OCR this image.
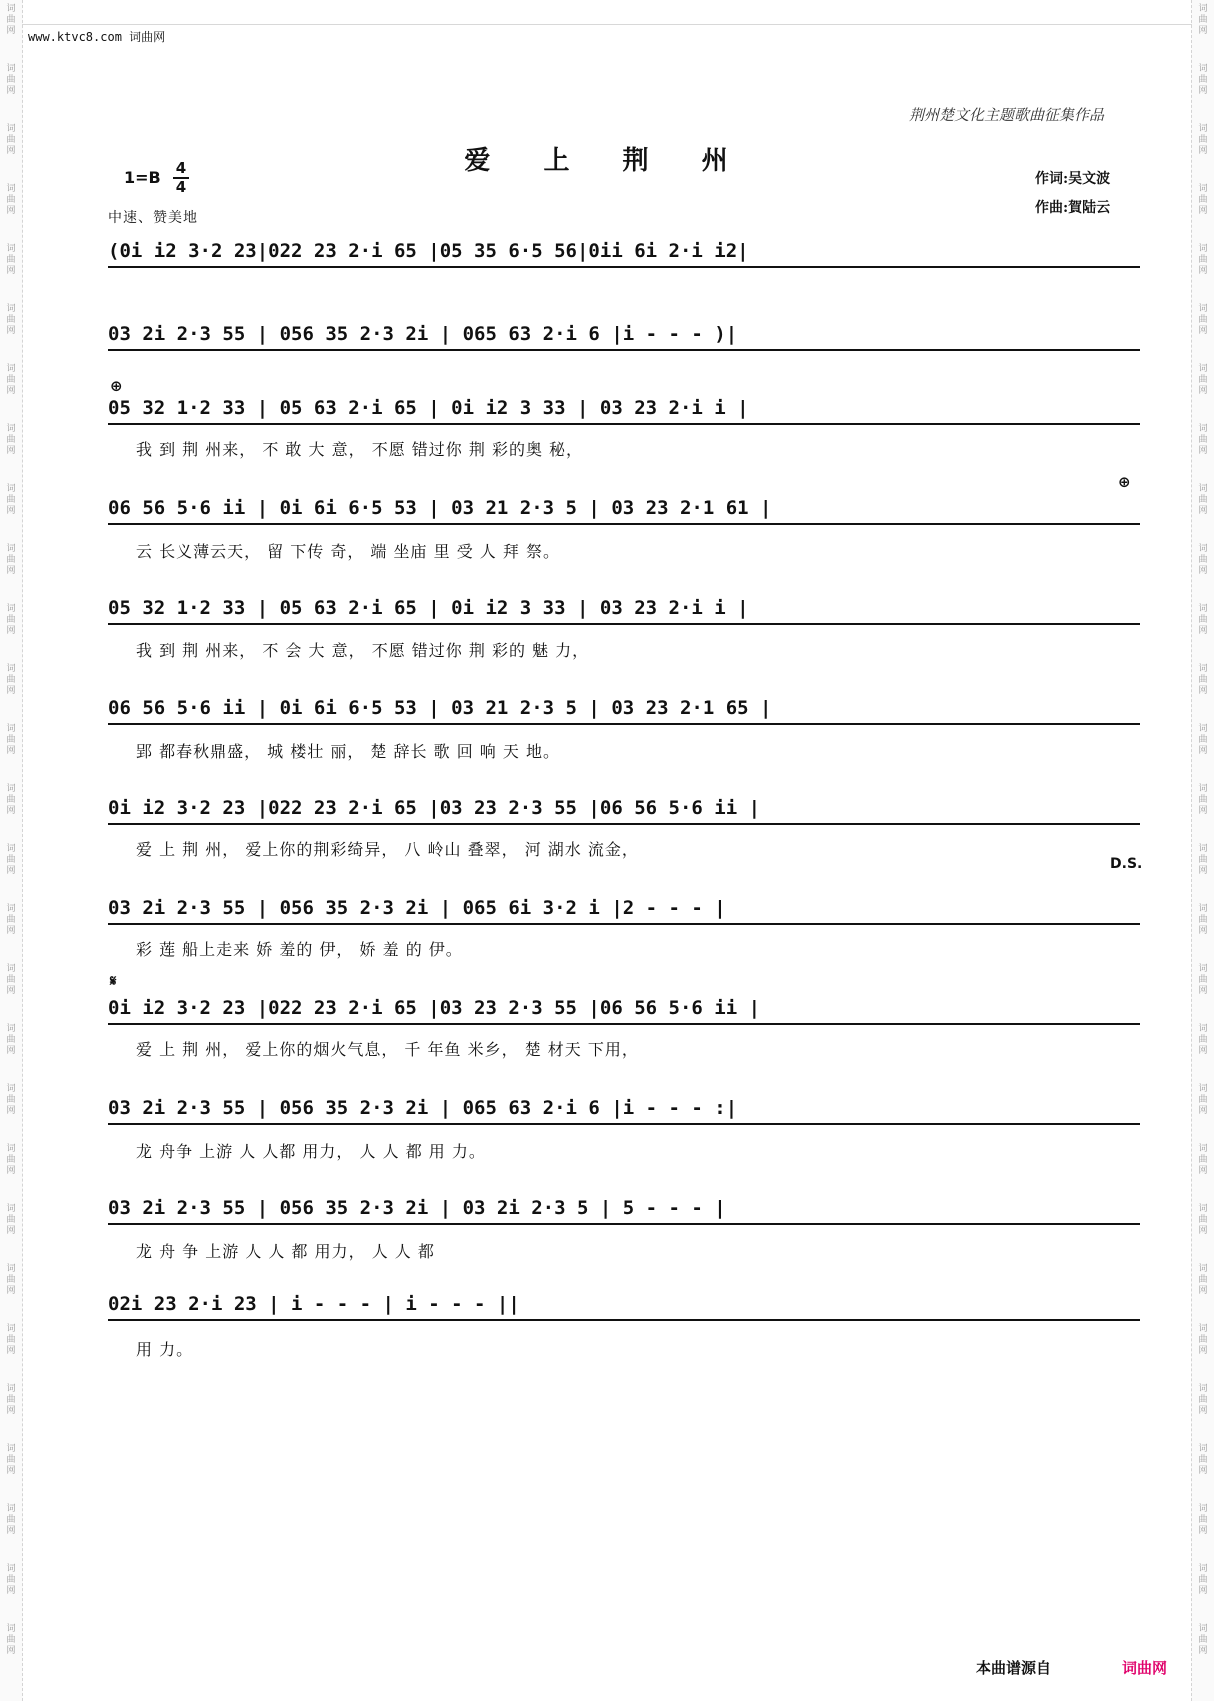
词
曲
网
词
曲
网
词
曲
网
词
曲
网
词
曲
网
词
曲
网
词
曲
网
词
曲
网
词
曲
网
词
曲
网
词
曲
网
词
曲
网
词
曲
网
词
曲
网
词
曲
网
词
曲
网
词
曲
网
词
曲
网
词
曲
网
词
曲
网
词
曲
网
词
曲
网
词
曲
网
词
曲
网
词
曲
网
词
曲
网
词
曲
网
词
曲
网
词
曲
网
词
曲
网
词
曲
网
词
曲
网
词
曲
网
词
曲
网
词
曲
网
词
曲
网
词
曲
网
词
曲
网
词
曲
网
词
曲
网
词
曲
网
词
曲
网
词
曲
网
词
曲
网
词
曲
网
词
曲
网
词
曲
网
词
曲
网
词
曲
网
词
曲
网
词
曲
网
词
曲
网
词
曲
网
词
曲
网
词
曲
网
词
曲
网
www.ktvc8.com 词曲网
荆州楚文化主题歌曲征集作品
爱 上 荆 州
$1=B \frac{4}{4}$
中速、赞美地
作词:吴文波
作曲:賀陆云
⊕
⊕
𝄋
D.S.
(0i i2 3·2 23|022 23 2·i 65 |05 35 6·5 56|0ii 6i 2·i i2|
03 2i 2·3 55 | 056 35 2·3 2i | 065 63 2·i 6 |i - - - )|
05 32 1·2 33 | 05 63 2·i 65 | 0i i2 3 33 | 03 23 2·i i |
我 到 荆 州来， 不 敢 大 意， 不愿 错过你 荆 彩的奥 秘，
06 56 5·6 ii | 0i 6i 6·5 53 | 03 21 2·3 5 | 03 23 2·1 61 |
云 长义薄云天， 留 下传 奇， 端 坐庙 里 受 人 拜 祭。
05 32 1·2 33 | 05 63 2·i 65 | 0i i2 3 33 | 03 23 2·i i |
我 到 荆 州来， 不 会 大 意， 不愿 错过你 荆 彩的 魅 力，
06 56 5·6 ii | 0i 6i 6·5 53 | 03 21 2·3 5 | 03 23 2·1 65 |
郢 都春秋鼎盛， 城 楼壮 丽， 楚 辞长 歌 回 响 天 地。
0i i2 3·2 23 |022 23 2·i 65 |03 23 2·3 55 |06 56 5·6 ii |
爱 上 荆 州， 爱上你的荆彩绮异， 八 岭山 叠翠， 河 湖水 流金，
03 2i 2·3 55 | 056 35 2·3 2i | 065 6i 3·2 i |2 - - - |
彩 莲 船上走来 娇 羞的 伊， 娇 羞 的 伊。
0i i2 3·2 23 |022 23 2·i 65 |03 23 2·3 55 |06 56 5·6 ii |
爱 上 荆 州， 爱上你的烟火气息， 千 年鱼 米乡， 楚 材天 下用，
03 2i 2·3 55 | 056 35 2·3 2i | 065 63 2·i 6 |i - - - :|
龙 舟争 上游 人 人都 用力， 人 人 都 用 力。
03 2i 2·3 55 | 056 35 2·3 2i | 03 2i 2·3 5 | 5 - - - |
龙 舟 争 上游 人 人 都 用力， 人 人 都
02i 23 2·i 23 | i - - - | i - - - ||
用 力。
本曲谱源自	词曲网
